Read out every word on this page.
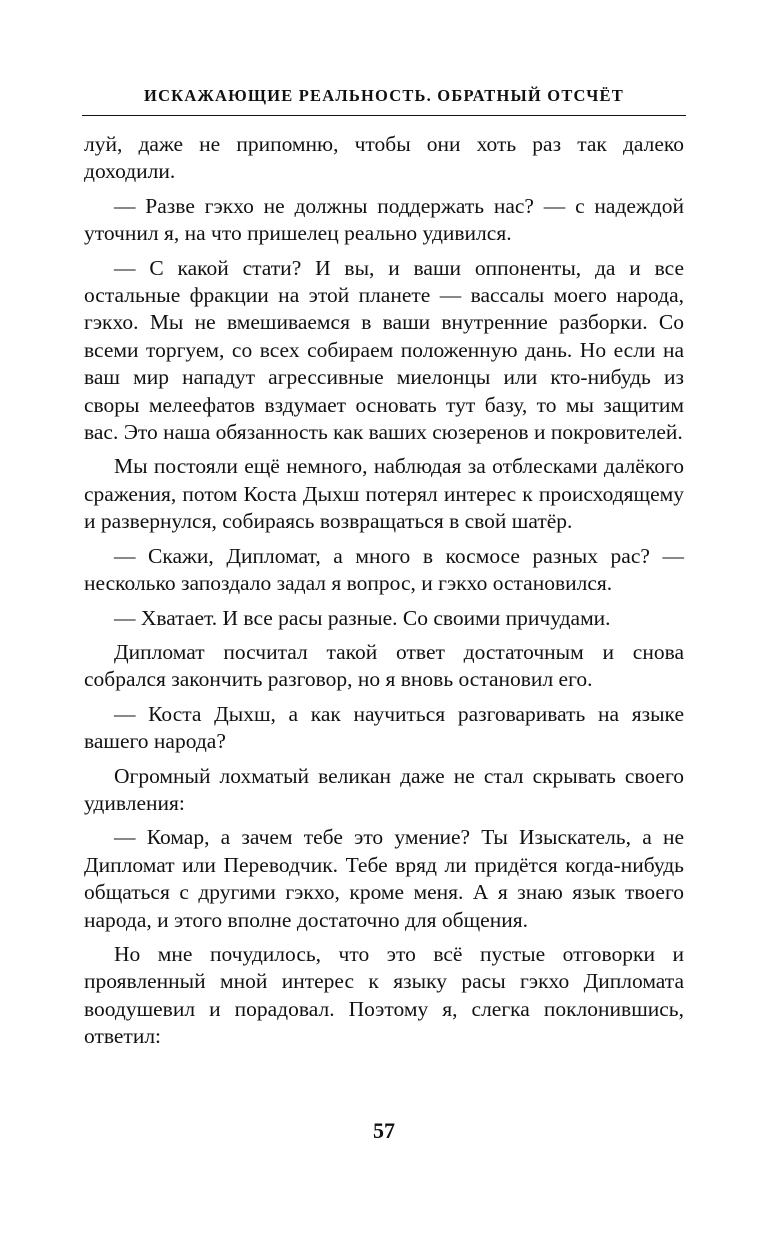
ИСКАЖАЮЩИЕ РЕАЛЬНОСТЬ. ОБРАТНЫЙ ОТСЧЁТ

луй, даже не припомню, чтобы они хоть раз так далеко доходили.

— Разве гэкхо не должны поддержать нас? — с надеждой уточнил я, на что пришелец реально удивился.

— С какой стати? И вы, и ваши оппоненты, да и все остальные фракции на этой планете — вассалы моего народа, гэкхо. Мы не вмешиваемся в ваши внутренние разборки. Со всеми торгуем, со всех собираем положенную дань. Но если на ваш мир нападут агрессивные миелонцы или кто-нибудь из своры мелеефатов вздумает основать тут базу, то мы защитим вас. Это наша обязанность как ваших сюзеренов и покровителей.

Мы постояли ещё немного, наблюдая за отблесками далёкого сражения, потом Коста Дыхш потерял интерес к происходящему и развернулся, собираясь возвращаться в свой шатёр.

— Скажи, Дипломат, а много в космосе разных рас? — несколько запоздало задал я вопрос, и гэкхо остановился.

— Хватает. И все расы разные. Со своими причудами.

Дипломат посчитал такой ответ достаточным и снова собрался закончить разговор, но я вновь остановил его.

— Коста Дыхш, а как научиться разговаривать на языке вашего народа?

Огромный лохматый великан даже не стал скрывать своего удивления:

— Комар, а зачем тебе это умение? Ты Изыскатель, а не Дипломат или Переводчик. Тебе вряд ли придётся когда-нибудь общаться с другими гэкхо, кроме меня. А я знаю язык твоего народа, и этого вполне достаточно для общения.

Но мне почудилось, что это всё пустые отговорки и проявленный мной интерес к языку расы гэкхо Дипломата воодушевил и порадовал. Поэтому я, слегка поклонившись, ответил:

57
